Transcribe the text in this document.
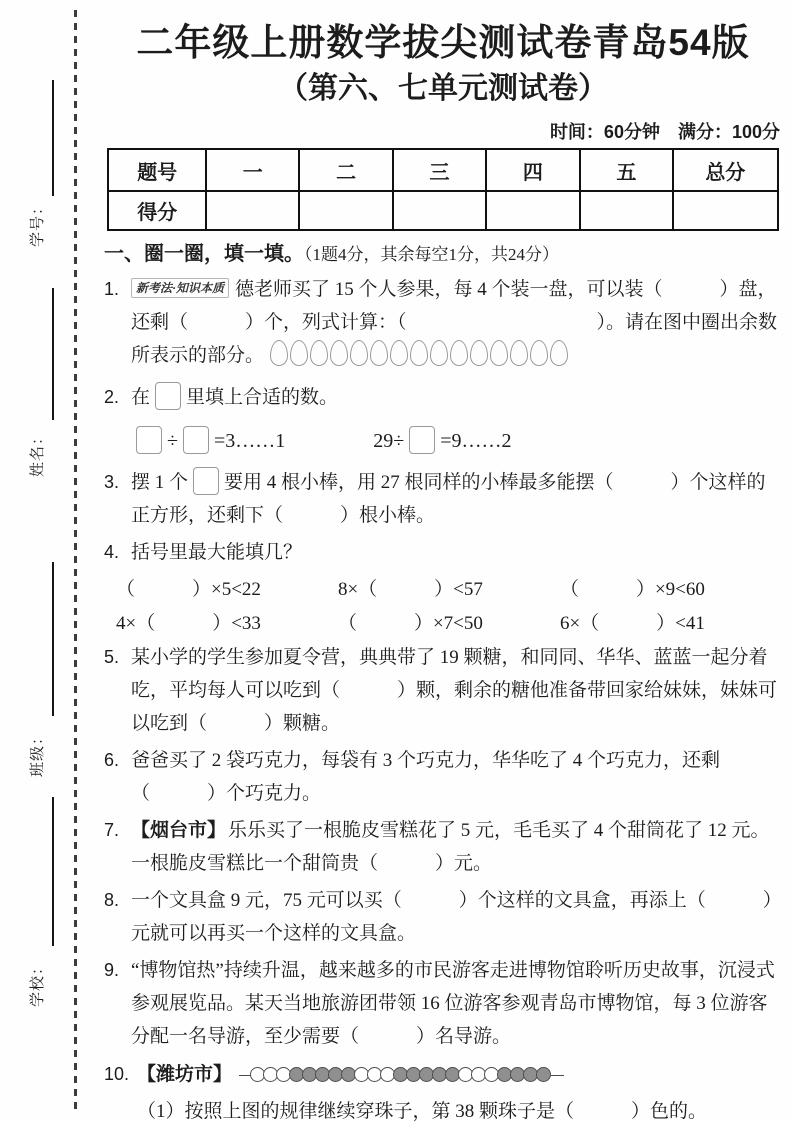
学号：
姓名：
班级：
学校：
二年级上册数学拔尖测试卷青岛54版
（第六、七单元测试卷）
时间：60分钟　满分：100分
题号	一	二	三	四	五	总分
得分						
一、圈一圈，填一填。（1题4分，其余每空1分，共24分）
1. 新考法·知识本质 德老师买了 15 个人参果，每 4 个装一盘，可以装（　　　）盘，还剩（　　　）个，列式计算：（　　　　　　　　　　）。请在图中圈出余数所表示的部分。
2. 在 里填上合适的数。
÷ =3……1	29÷ =9……2
3. 摆 1 个 要用 4 根小棒，用 27 根同样的小棒最多能摆（　　　）个这样的正方形，还剩下（　　　）根小棒。
4. 括号里最大能填几？
（　　　）×5<22	8×（　　　）<57	（　　　）×9<60
4×（　　　）<33	（　　　）×7<50	6×（　　　）<41
5. 某小学的学生参加夏令营，典典带了 19 颗糖，和同同、华华、蓝蓝一起分着吃，平均每人可以吃到（　　　）颗，剩余的糖他准备带回家给妹妹，妹妹可以吃到（　　　）颗糖。
6. 爸爸买了 2 袋巧克力，每袋有 3 个巧克力，华华吃了 4 个巧克力，还剩（　　　）个巧克力。
7. 【烟台市】 乐乐买了一根脆皮雪糕花了 5 元，毛毛买了 4 个甜筒花了 12 元。一根脆皮雪糕比一个甜筒贵（　　　）元。
8. 一个文具盒 9 元，75 元可以买（　　　）个这样的文具盒，再添上（　　　）元就可以再买一个这样的文具盒。
9. “博物馆热”持续升温，越来越多的市民游客走进博物馆聆听历史故事，沉浸式参观展览品。某天当地旅游团带领 16 位游客参观青岛市博物馆，每 3 位游客分配一名导游，至少需要（　　　）名导游。
10. 【潍坊市】
（1）按照上图的规律继续穿珠子，第 38 颗珠子是（　　　）色的。
